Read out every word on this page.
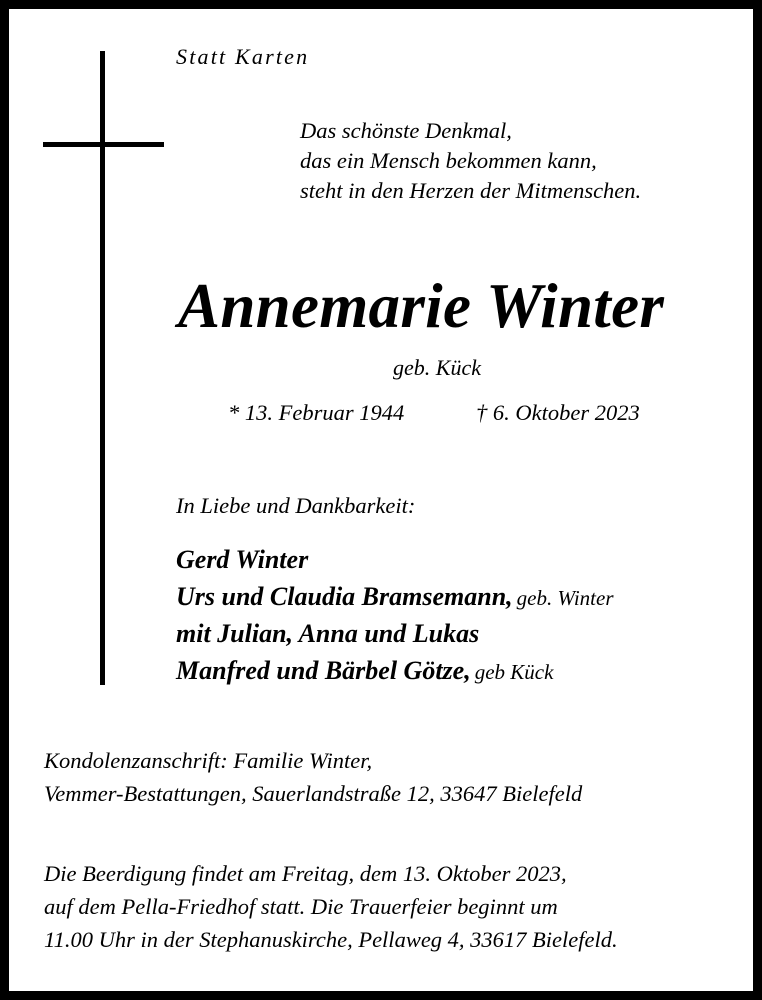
Statt Karten
Das schönste Denkmal,
das ein Mensch bekommen kann,
steht in den Herzen der Mitmenschen.
Annemarie Winter
geb. Kück
* 13. Februar 1944	† 6. Oktober 2023
In Liebe und Dankbarkeit:
Gerd Winter
Urs und Claudia Bramsemann, geb. Winter
mit Julian, Anna und Lukas
Manfred und Bärbel Götze, geb Kück
Kondolenzanschrift: Familie Winter,
Vemmer-Bestattungen, Sauerlandstraße 12, 33647 Bielefeld
Die Beerdigung findet am Freitag, dem 13. Oktober 2023,
auf dem Pella-Friedhof statt. Die Trauerfeier beginnt um
11.00 Uhr in der Stephanuskirche, Pellaweg 4, 33617 Bielefeld.
